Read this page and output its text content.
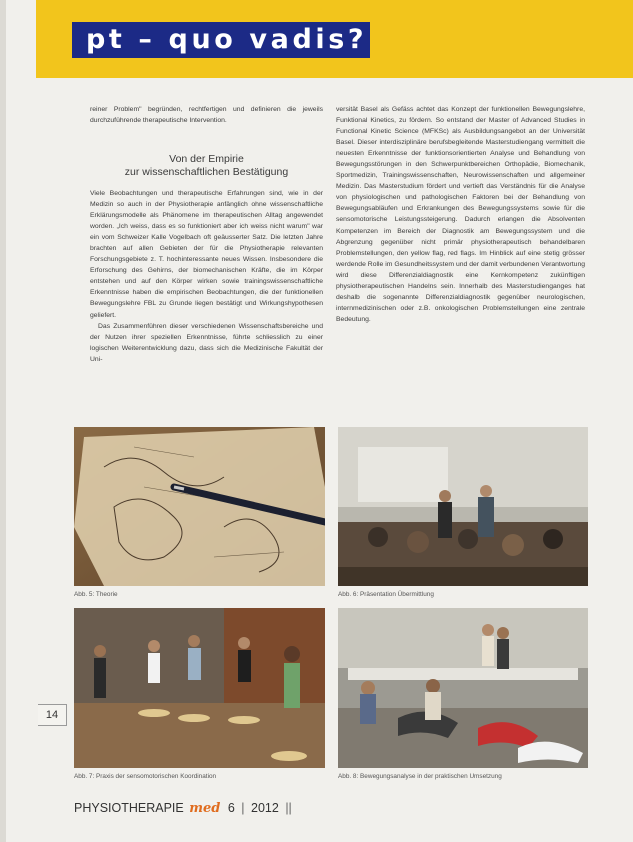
pt – quo vadis?

reiner Problem" begründen, rechtfertigen und definieren die jeweils durchzuführende therapeutische Intervention.

Von der Empirie
zur wissenschaftlichen Bestätigung

Viele Beobachtungen und therapeutische Erfahrungen sind, wie in der Medizin so auch in der Physiotherapie anfänglich ohne wissenschaftliche Erklärungsmodelle als Phänomene im therapeutischen Alltag angewendet worden. „Ich weiss, dass es so funktioniert aber ich weiss nicht warum" war ein vom Schweizer Kalle Vogelbach oft geäusserter Satz. Die letzten Jahre brachten auf allen Gebieten der für die Physiotherapie relevanten Forschungsgebiete z. T. hochinteressante neues Wissen. Insbesondere die Erforschung des Gehirns, der biomechanischen Kräfte, die im Körper entstehen und auf den Körper wirken sowie trainingswissenschaftliche Erkenntnisse haben die empirischen Beobachtungen, die der funktionellen Bewegungslehre FBL zu Grunde liegen bestätigt und Wirkungshypothesen geliefert.

Das Zusammenführen dieser verschiedenen Wissenschaftsbereiche und der Nutzen ihrer speziellen Erkenntnisse, führte schliesslich zu einer logischen Weiterentwicklung dazu, dass sich die Medizinische Fakultät der Uni-

versität Basel als Gefäss achtet das Konzept der funktionellen Bewegungslehre, Funktional Kinetics, zu fördern. So entstand der Master of Advanced Studies in Functional Kinetic Science (MFKSc) als Ausbildungsangebot an der Universität Basel. Dieser interdisziplinäre berufsbegleitende Masterstudiengang vermittelt die neuesten Erkenntnisse der funktionsorientierten Analyse und Behandlung von Bewegungsstörungen in den Schwerpunktbereichen Orthopädie, Biomechanik, Sportmedizin, Trainingswissenschaften, Neurowissenschaften und allgemeiner Medizin. Das Masterstudium fördert und vertieft das Verständnis für die Analyse von physiologischen und pathologischen Faktoren bei der Behandlung von Bewegungsabläufen und Erkrankungen des Bewegungssystems sowie für die sensomotorische Leistungssteigerung. Dadurch erlangen die Absolventen Kompetenzen im Bereich der Diagnostik am Bewegungssystem und die Abgrenzung gegenüber nicht primär physiotherapeutisch behandelbaren Problemstellungen, den yellow flag, red flags. Im Hinblick auf eine stetig grösser werdende Rolle im Gesundheitssystem und der damit verbundenen Verantwortung wird diese Differenzialdiagnostik eine Kernkompetenz zukünftigen physiotherapeutischen Handelns sein. Innerhalb des Masterstudienganges hat deshalb die sogenannte Differenzialdiagnostik gegenüber neurologischen, internmedizinischen oder z.B. onkologischen Problemstellungen eine zentrale Bedeutung.

Abb. 5: Theorie	Abb. 6: Präsentation Übermittlung
Abb. 7: Praxis der sensomotorischen Koordination	Abb. 8: Bewegungsanalyse in der praktischen Umsetzung
14
PHYSIOTHERAPIE med 6 | 2012 ||
